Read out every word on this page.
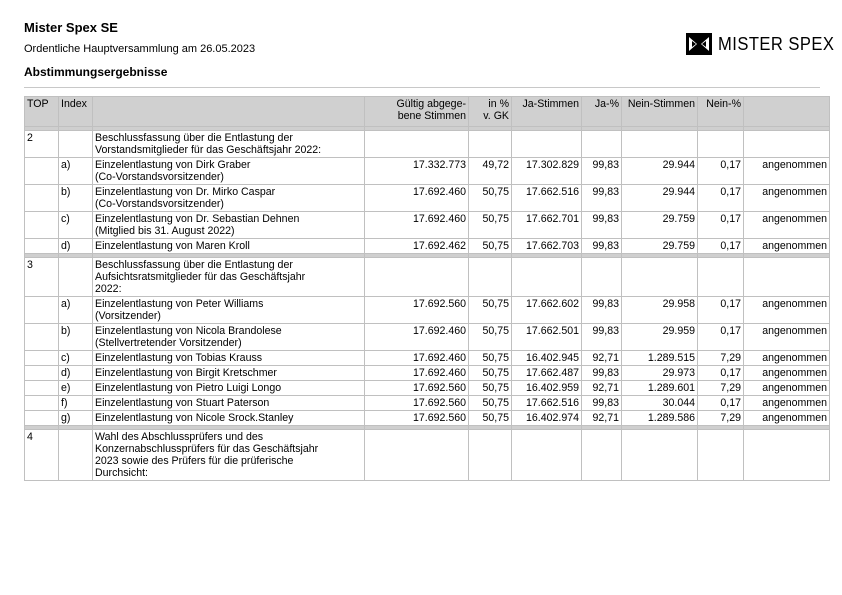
Mister Spex SE
Ordentliche Hauptversammlung am 26.05.2023
Abstimmungsergebnisse
MISTER SPEX
TOP	Index		Gültig abgege-
bene Stimmen	in %
v. GK	Ja-Stimmen	Ja-%	Nein-Stimmen	Nein-%	

2		Beschlussfassung über die Entlastung der
Vorstandsmitglieder für das Geschäftsjahr 2022:							
	a)	Einzelentlastung von Dirk Graber
(Co-Vorstandsvorsitzender)	17.332.773	49,72	17.302.829	99,83	29.944	0,17	angenommen
	b)	Einzelentlastung von Dr. Mirko Caspar
(Co-Vorstandsvorsitzender)	17.692.460	50,75	17.662.516	99,83	29.944	0,17	angenommen
	c)	Einzelentlastung von Dr. Sebastian Dehnen
(Mitglied bis 31. August 2022)	17.692.460	50,75	17.662.701	99,83	29.759	0,17	angenommen
	d)	Einzelentlastung von Maren Kroll	17.692.462	50,75	17.662.703	99,83	29.759	0,17	angenommen

3		Beschlussfassung über die Entlastung der
Aufsichtsratsmitglieder für das Geschäftsjahr
2022:							
	a)	Einzelentlastung von Peter Williams
(Vorsitzender)	17.692.560	50,75	17.662.602	99,83	29.958	0,17	angenommen
	b)	Einzelentlastung von Nicola Brandolese
(Stellvertretender Vorsitzender)	17.692.460	50,75	17.662.501	99,83	29.959	0,17	angenommen
	c)	Einzelentlastung von Tobias Krauss	17.692.460	50,75	16.402.945	92,71	1.289.515	7,29	angenommen
	d)	Einzelentlastung von Birgit Kretschmer	17.692.460	50,75	17.662.487	99,83	29.973	0,17	angenommen
	e)	Einzelentlastung von Pietro Luigi Longo	17.692.560	50,75	16.402.959	92,71	1.289.601	7,29	angenommen
	f)	Einzelentlastung von Stuart Paterson	17.692.560	50,75	17.662.516	99,83	30.044	0,17	angenommen
	g)	Einzelentlastung von Nicole Srock.Stanley	17.692.560	50,75	16.402.974	92,71	1.289.586	7,29	angenommen

4		Wahl des Abschlussprüfers und des
Konzernabschlussprüfers für das Geschäftsjahr
2023 sowie des Prüfers für die prüferische
Durchsicht:							
